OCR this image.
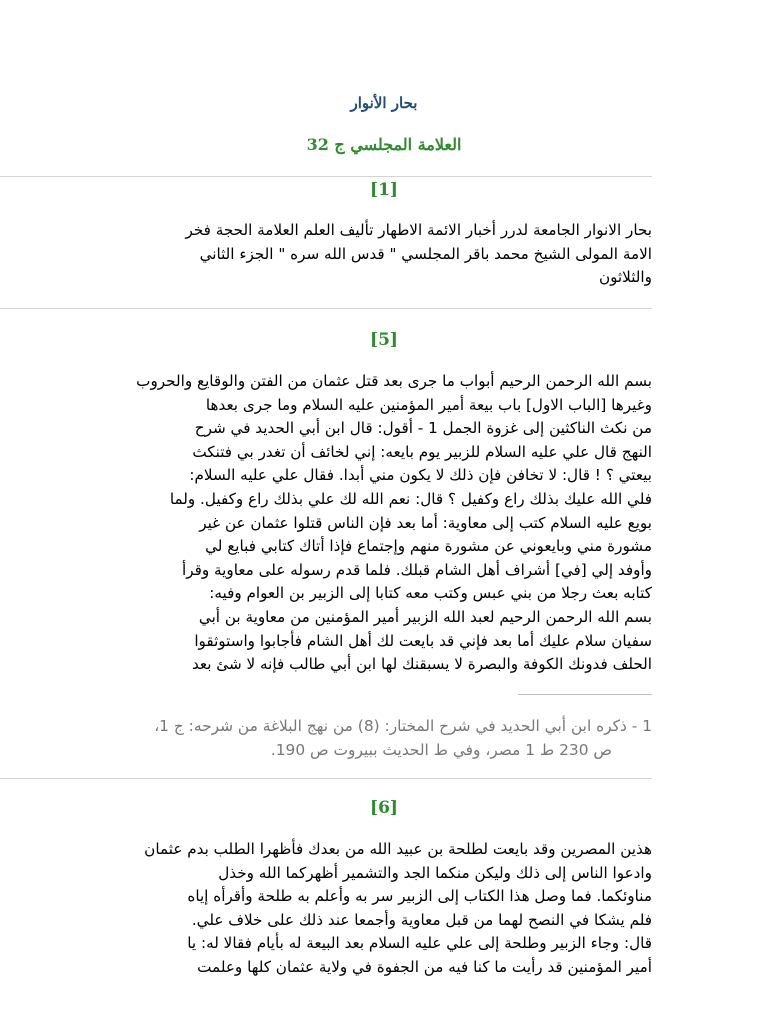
بحار الأنوار
العلامة المجلسي ج 32
[1]
بحار الانوار الجامعة لدرر أخبار الائمة الاطهار تأليف العلم العلامة الحجة فخر
الامة المولى الشيخ محمد باقر المجلسي " قدس الله سره " الجزء الثاني
والثلاثون
[5]
بسم الله الرحمن الرحيم أبواب ما جرى بعد قتل عثمان من الفتن والوقايع والحروب
وغيرها [الباب الاول] باب بيعة أمير المؤمنين عليه السلام وما جرى بعدها
من نكث الناكثين إلى غزوة الجمل 1 - أقول: قال ابن أبي الحديد في شرح
النهج قال علي عليه السلام للزبير يوم بايعه: إني لخائف أن تغدر بي فتنكث
بيعتي ؟ ! قال: لا تخافن فإن ذلك لا يكون مني أبدا. فقال علي عليه السلام:
فلي الله عليك بذلك راع وكفيل ؟ قال: نعم الله لك علي بذلك راع وكفيل. ولما
بويع عليه السلام كتب إلى معاوية: أما بعد فإن الناس قتلوا عثمان عن غير
مشورة مني وبايعوني عن مشورة منهم وإجتماع فإذا أتاك كتابي فبايع لي
وأوفد إلي [في] أشراف أهل الشام قبلك. فلما قدم رسوله على معاوية وقرأ
كتابه بعث رجلا من بني عبس وكتب معه كتابا إلى الزبير بن العوام وفيه:
بسم الله الرحمن الرحيم لعبد الله الزبير أمير المؤمنين من معاوية بن أبي
سفيان سلام عليك أما بعد فإني قد بايعت لك أهل الشام فأجابوا واستوثقوا
الحلف فدونك الكوفة والبصرة لا يسبقنك لها ابن أبي طالب فإنه لا شئ بعد
1 - ذكره ابن أبي الحديد في شرح المختار: (8) من نهج البلاغة من شرحه: ج 1،
ص 230 ط 1 مصر، وفي ط الحديث ببيروت ص 190.
[6]
هذين المصرين وقد بايعت لطلحة بن عبيد الله من بعدك فأظهرا الطلب بدم عثمان
وادعوا الناس إلى ذلك وليكن منكما الجد والتشمير أظهركما الله وخذل
مناوئكما. فما وصل هذا الكتاب إلى الزبير سر به وأعلم به طلحة وأقرأه إياه
فلم يشكا في النصح لهما من قبل معاوية وأجمعا عند ذلك على خلاف علي.
قال: وجاء الزبير وطلحة إلى علي عليه السلام بعد البيعة له بأيام فقالا له: يا
أمير المؤمنين قد رأيت ما كنا فيه من الجفوة في ولاية عثمان كلها وعلمت
